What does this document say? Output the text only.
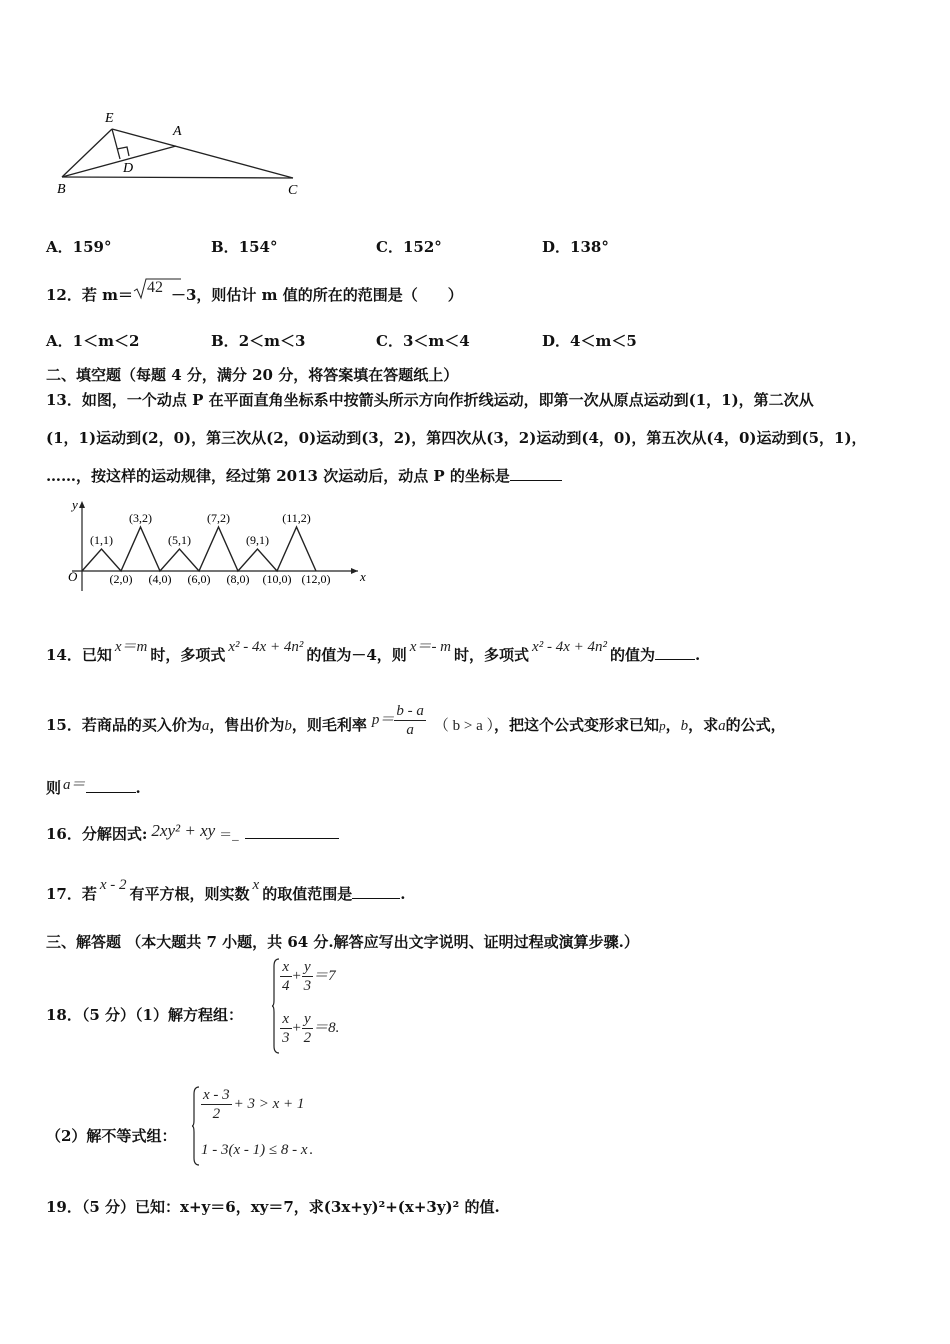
E
A
D
B	C
A．159°	B．154°	C．152°	D．138°
12．若 m＝ 42 －3，则估计 m 值的所在的范围是（　　）
A．1＜m＜2	B．2＜m＜3	C．3＜m＜4	D．4＜m＜5
二、填空题（每题 4 分，满分 20 分，将答案填在答题纸上）
13．如图，一个动点 P 在平面直角坐标系中按箭头所示方向作折线运动，即第一次从原点运动到(1，1)，第二次从
(1，1)运动到(2，0)，第三次从(2，0)运动到(3，2)，第四次从(3，2)运动到(4，0)，第五次从(4，0)运动到(5，1)，
……，按这样的运动规律，经过第 2013 次运动后，动点 P 的坐标是
y
x
O
(1,1)
(3,2)
(5,1)
(7,2)
(9,1)
(11,2)
(2,0) (4,0) (6,0) (8,0) (10,0) (12,0)
14．已知 x＝m 时，多项式 x² - 4x + 4n² 的值为－4，则 x＝- m 时，多项式 x² - 4x + 4n² 的值为	.
15．若商品的买入价为a，售出价为b，则毛利率 $p= \frac{b - a}{a}$ （ b > a ），把这个公式变形求已知p，b，求a的公式，
则 a＝	.
16．分解因式: 2xy² + xy ＝_
17．若 x - 2 有平方根，则实数 x 的取值范围是	.
三、解答题 （本大题共 7 小题，共 64 分.解答应写出文字说明、证明过程或演算步骤.）
18．（5 分）（1）解方程组：
$\frac{x}{4} + \frac{y}{3} =7$
$\frac{x}{3} + \frac{y}{2} =8$.
（2）解不等式组：
$\frac{x - 3}{2} + 3 > x + 1$
1 - 3(x - 1) ≤ 8 - x .
19．（5 分）已知：x+y＝6，xy＝7，求(3x+y)²+(x+3y)² 的值.
